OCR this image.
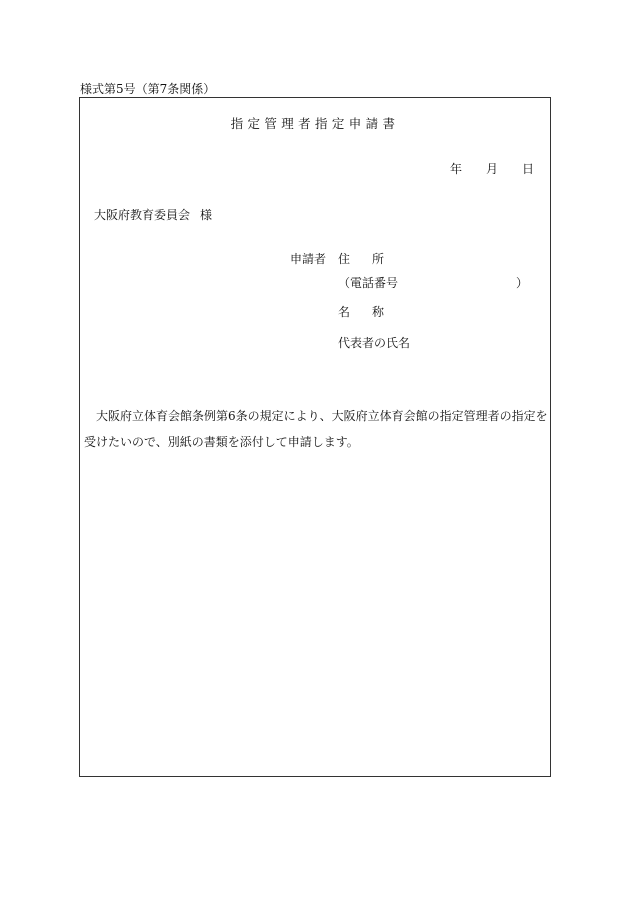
様式第5号（第7条関係）
指定管理者指定申請書
年 月 日
大阪府教育委員会 様
申請者 住 所
（電話番号	）
名 称
代表者の氏名
大阪府立体育会館条例第6条の規定により、大阪府立体育会館の指定管理者の指定を受けたいので、別紙の書類を添付して申請します。
